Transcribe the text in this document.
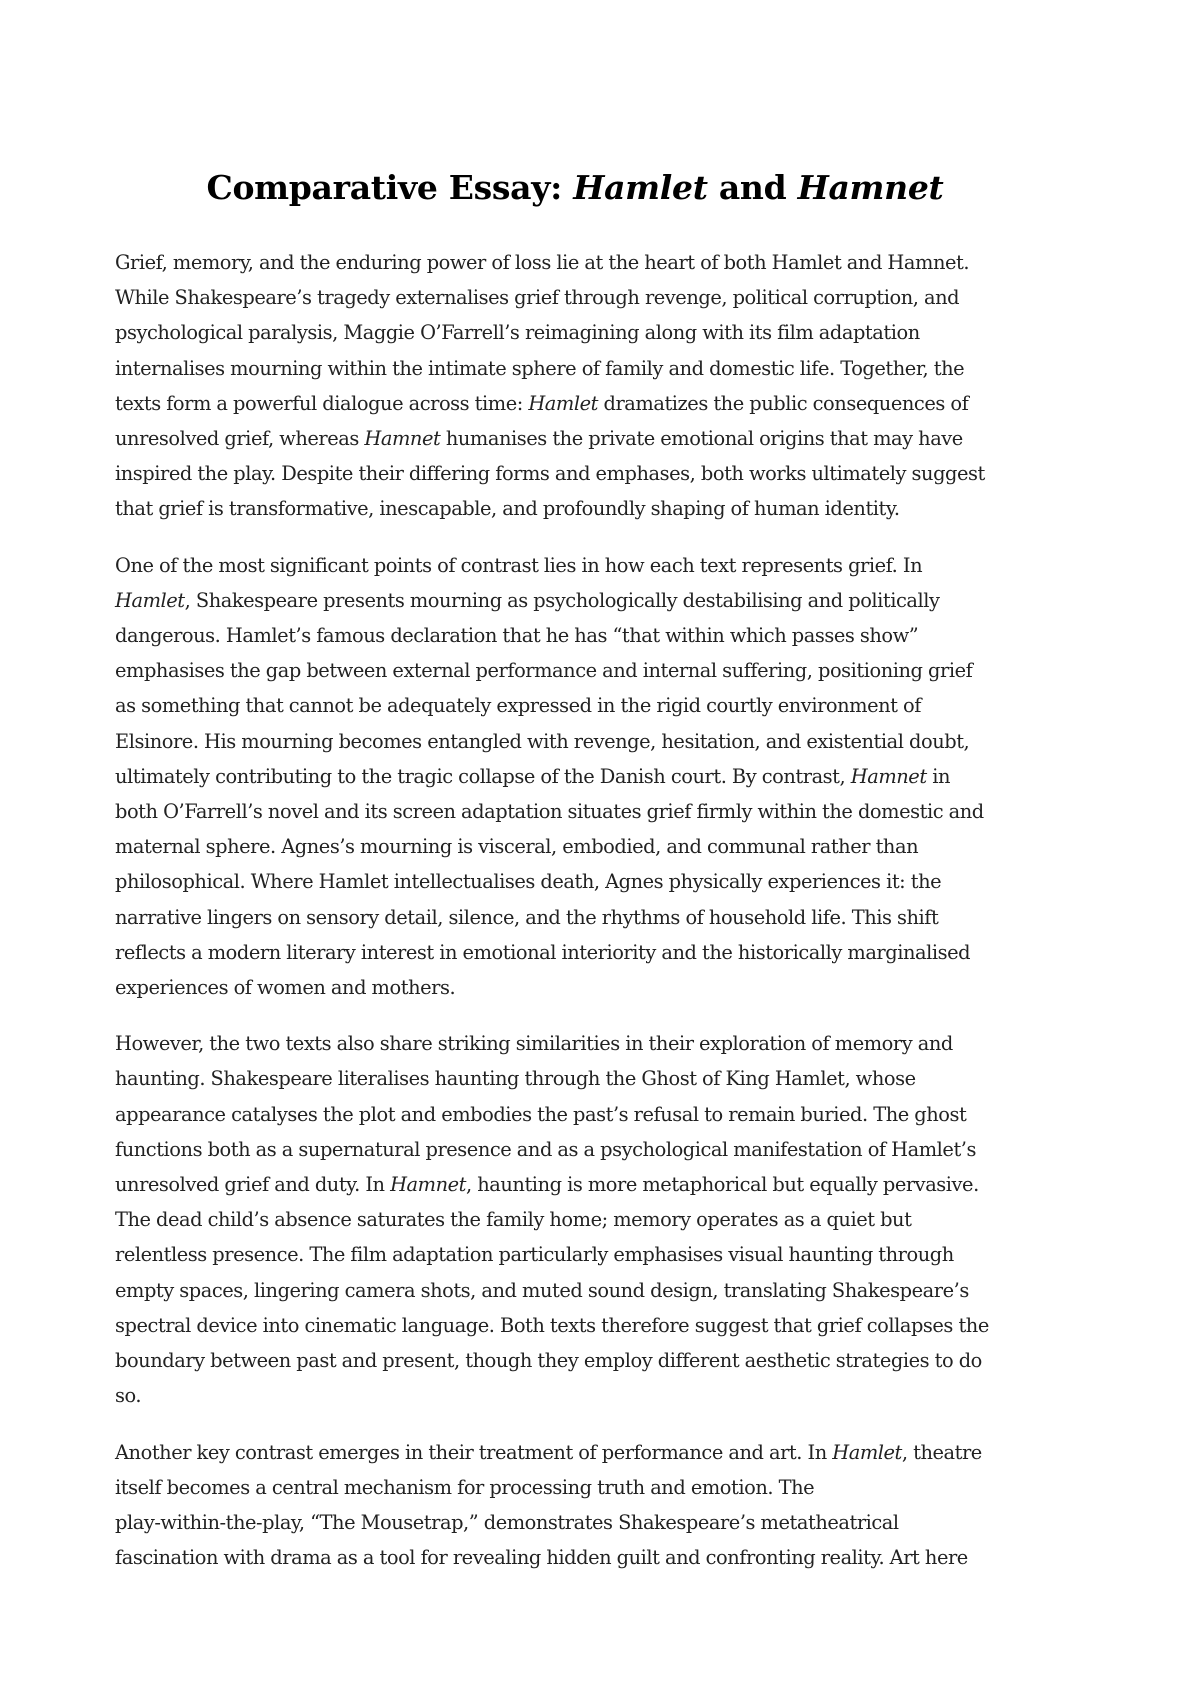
Comparative Essay: Hamlet and Hamnet

Grief, memory, and the enduring power of loss lie at the heart of both Hamlet and Hamnet.
While Shakespeare’s tragedy externalises grief through revenge, political corruption, and
psychological paralysis, Maggie O’Farrell’s reimagining along with its film adaptation
internalises mourning within the intimate sphere of family and domestic life. Together, the
texts form a powerful dialogue across time: Hamlet dramatizes the public consequences of
unresolved grief, whereas Hamnet humanises the private emotional origins that may have
inspired the play. Despite their differing forms and emphases, both works ultimately suggest
that grief is transformative, inescapable, and profoundly shaping of human identity.

One of the most significant points of contrast lies in how each text represents grief. In
Hamlet, Shakespeare presents mourning as psychologically destabilising and politically
dangerous. Hamlet’s famous declaration that he has “that within which passes show”
emphasises the gap between external performance and internal suffering, positioning grief
as something that cannot be adequately expressed in the rigid courtly environment of
Elsinore. His mourning becomes entangled with revenge, hesitation, and existential doubt,
ultimately contributing to the tragic collapse of the Danish court. By contrast, Hamnet in
both O’Farrell’s novel and its screen adaptation situates grief firmly within the domestic and
maternal sphere. Agnes’s mourning is visceral, embodied, and communal rather than
philosophical. Where Hamlet intellectualises death, Agnes physically experiences it: the
narrative lingers on sensory detail, silence, and the rhythms of household life. This shift
reflects a modern literary interest in emotional interiority and the historically marginalised
experiences of women and mothers.

However, the two texts also share striking similarities in their exploration of memory and
haunting. Shakespeare literalises haunting through the Ghost of King Hamlet, whose
appearance catalyses the plot and embodies the past’s refusal to remain buried. The ghost
functions both as a supernatural presence and as a psychological manifestation of Hamlet’s
unresolved grief and duty. In Hamnet, haunting is more metaphorical but equally pervasive.
The dead child’s absence saturates the family home; memory operates as a quiet but
relentless presence. The film adaptation particularly emphasises visual haunting through
empty spaces, lingering camera shots, and muted sound design, translating Shakespeare’s
spectral device into cinematic language. Both texts therefore suggest that grief collapses the
boundary between past and present, though they employ different aesthetic strategies to do
so.

Another key contrast emerges in their treatment of performance and art. In Hamlet, theatre
itself becomes a central mechanism for processing truth and emotion. The
play-within-the-play, “The Mousetrap,” demonstrates Shakespeare’s metatheatrical
fascination with drama as a tool for revealing hidden guilt and confronting reality. Art here
